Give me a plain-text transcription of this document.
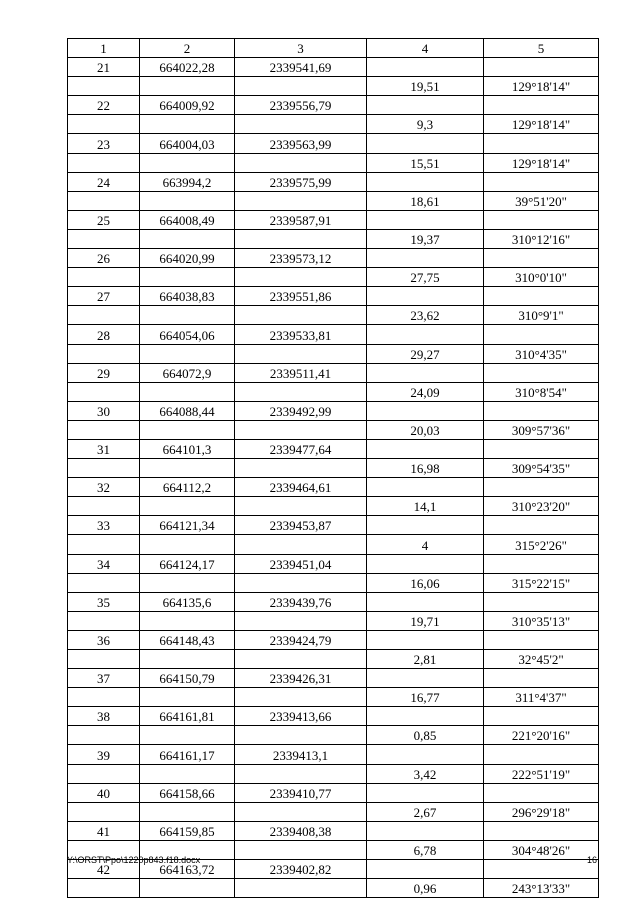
1	2	3	4	5
21	664022,28	2339541,69		
			19,51	129°18'14"
22	664009,92	2339556,79		
			9,3	129°18'14"
23	664004,03	2339563,99		
			15,51	129°18'14"
24	663994,2	2339575,99		
			18,61	39°51'20"
25	664008,49	2339587,91		
			19,37	310°12'16"
26	664020,99	2339573,12		
			27,75	310°0'10"
27	664038,83	2339551,86		
			23,62	310°9'1"
28	664054,06	2339533,81		
			29,27	310°4'35"
29	664072,9	2339511,41		
			24,09	310°8'54"
30	664088,44	2339492,99		
			20,03	309°57'36"
31	664101,3	2339477,64		
			16,98	309°54'35"
32	664112,2	2339464,61		
			14,1	310°23'20"
33	664121,34	2339453,87		
			4	315°2'26"
34	664124,17	2339451,04		
			16,06	315°22'15"
35	664135,6	2339439,76		
			19,71	310°35'13"
36	664148,43	2339424,79		
			2,81	32°45'2"
37	664150,79	2339426,31		
			16,77	311°4'37"
38	664161,81	2339413,66		
			0,85	221°20'16"
39	664161,17	2339413,1		
			3,42	222°51'19"
40	664158,66	2339410,77		
			2,67	296°29'18"
41	664159,85	2339408,38		
			6,78	304°48'26"
42	664163,72	2339402,82		
			0,96	243°13'33"
Y:\ORST\Ppo\1220p843.f18.docx	16
